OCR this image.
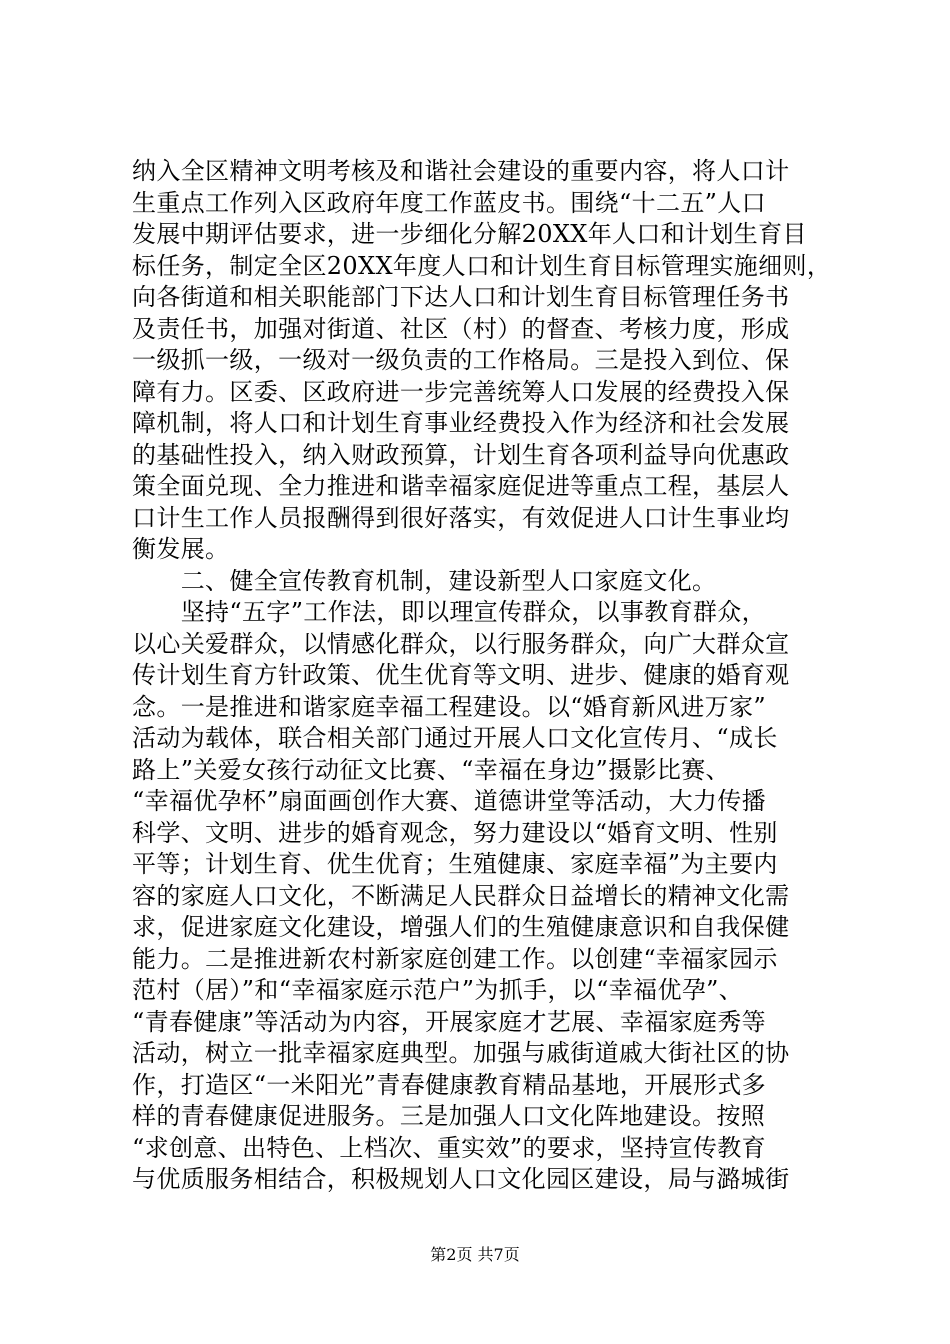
纳入全区精神文明考核及和谐社会建设的重要内容，将人口计
生重点工作列入区政府年度工作蓝皮书。围绕“十二五”人口
发展中期评估要求，进一步细化分解20XX年人口和计划生育目
标任务，制定全区20XX年度人口和计划生育目标管理实施细则，
向各街道和相关职能部门下达人口和计划生育目标管理任务书
及责任书，加强对街道、社区（村）的督查、考核力度，形成
一级抓一级，一级对一级负责的工作格局。三是投入到位、保
障有力。区委、区政府进一步完善统筹人口发展的经费投入保
障机制，将人口和计划生育事业经费投入作为经济和社会发展
的基础性投入，纳入财政预算，计划生育各项利益导向优惠政
策全面兑现、全力推进和谐幸福家庭促进等重点工程，基层人
口计生工作人员报酬得到很好落实，有效促进人口计生事业均
衡发展。
　　二、健全宣传教育机制，建设新型人口家庭文化。
　　坚持“五字”工作法，即以理宣传群众，以事教育群众，
以心关爱群众，以情感化群众，以行服务群众，向广大群众宣
传计划生育方针政策、优生优育等文明、进步、健康的婚育观
念。一是推进和谐家庭幸福工程建设。以“婚育新风进万家”
活动为载体，联合相关部门通过开展人口文化宣传月、“成长
路上”关爱女孩行动征文比赛、“幸福在身边”摄影比赛、
“幸福优孕杯”扇面画创作大赛、道德讲堂等活动，大力传播
科学、文明、进步的婚育观念，努力建设以“婚育文明、性别
平等；计划生育、优生优育；生殖健康、家庭幸福”为主要内
容的家庭人口文化，不断满足人民群众日益增长的精神文化需
求，促进家庭文化建设，增强人们的生殖健康意识和自我保健
能力。二是推进新农村新家庭创建工作。以创建“幸福家园示
范村（居）”和“幸福家庭示范户”为抓手，以“幸福优孕”、
“青春健康”等活动为内容，开展家庭才艺展、幸福家庭秀等
活动，树立一批幸福家庭典型。加强与戚街道戚大街社区的协
作，打造区“一米阳光”青春健康教育精品基地，开展形式多
样的青春健康促进服务。三是加强人口文化阵地建设。按照
“求创意、出特色、上档次、重实效”的要求，坚持宣传教育
与优质服务相结合，积极规划人口文化园区建设，局与潞城街
第2页 共7页
